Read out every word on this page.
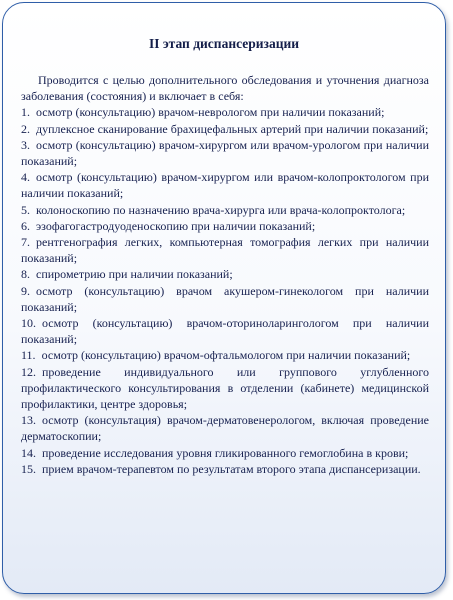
II этап диспансеризации

Проводится с целью дополнительного обследования и уточнения диагноза заболевания (состояния) и включает в себя:

1. осмотр (консультацию) врачом-неврологом при наличии показаний;
2. дуплексное сканирование брахицефальных артерий при наличии показаний;
3. осмотр (консультацию) врачом-хирургом или врачом-урологом при наличии показаний;
4. осмотр (консультацию) врачом-хирургом или врачом-колопроктологом при наличии показаний;
5. колоноскопию по назначению врача-хирурга или врача-колопроктолога;
6. эзофагогастродуоденоскопию при наличии показаний;
7. рентгенография легких, компьютерная томография легких при наличии показаний;
8. спирометрию при наличии показаний;
9. осмотр (консультацию) врачом акушером-гинекологом при наличии показаний;
10. осмотр (консультацию) врачом-оториноларингологом при наличии показаний;
11. осмотр (консультацию) врачом-офтальмологом при наличии показаний;
12. проведение индивидуального или группового углубленного профилактического консультирования в отделении (кабинете) медицинской профилактики, центре здоровья;
13. осмотр (консультация) врачом-дерматовенерологом, включая проведение дерматоскопии;
14. проведение исследования уровня гликированного гемоглобина в крови;
15. прием врачом-терапевтом по результатам второго этапа диспансеризации.
